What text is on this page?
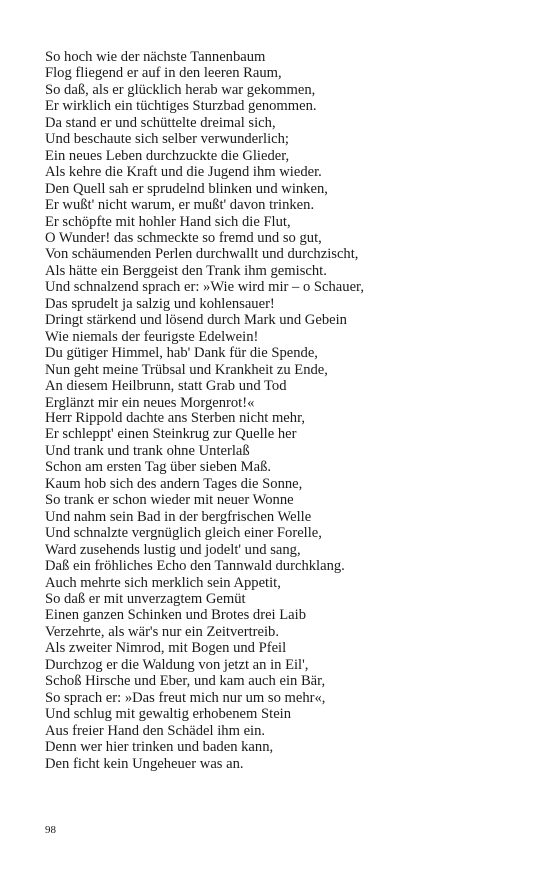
So hoch wie der nächste Tannenbaum
Flog fliegend er auf in den leeren Raum,
So daß, als er glücklich herab war gekommen,
Er wirklich ein tüchtiges Sturzbad genommen.
Da stand er und schüttelte dreimal sich,
Und beschaute sich selber verwunderlich;
Ein neues Leben durchzuckte die Glieder,
Als kehre die Kraft und die Jugend ihm wieder.
Den Quell sah er sprudelnd blinken und winken,
Er wußt' nicht warum, er mußt' davon trinken.
Er schöpfte mit hohler Hand sich die Flut,
O Wunder! das schmeckte so fremd und so gut,
Von schäumenden Perlen durchwallt und durchzischt,
Als hätte ein Berggeist den Trank ihm gemischt.
Und schnalzend sprach er: »Wie wird mir – o Schauer,
Das sprudelt ja salzig und kohlensauer!
Dringt stärkend und lösend durch Mark und Gebein
Wie niemals der feurigste Edelwein!
Du gütiger Himmel, hab' Dank für die Spende,
Nun geht meine Trübsal und Krankheit zu Ende,
An diesem Heilbrunn, statt Grab und Tod
Erglänzt mir ein neues Morgenrot!«
Herr Rippold dachte ans Sterben nicht mehr,
Er schleppt' einen Steinkrug zur Quelle her
Und trank und trank ohne Unterlaß
Schon am ersten Tag über sieben Maß.
Kaum hob sich des andern Tages die Sonne,
So trank er schon wieder mit neuer Wonne
Und nahm sein Bad in der bergfrischen Welle
Und schnalzte vergnüglich gleich einer Forelle,
Ward zusehends lustig und jodelt' und sang,
Daß ein fröhliches Echo den Tannwald durchklang.
Auch mehrte sich merklich sein Appetit,
So daß er mit unverzagtem Gemüt
Einen ganzen Schinken und Brotes drei Laib
Verzehrte, als wär's nur ein Zeitvertreib.
Als zweiter Nimrod, mit Bogen und Pfeil
Durchzog er die Waldung von jetzt an in Eil',
Schoß Hirsche und Eber, und kam auch ein Bär,
So sprach er: »Das freut mich nur um so mehr«,
Und schlug mit gewaltig erhobenem Stein
Aus freier Hand den Schädel ihm ein.
Denn wer hier trinken und baden kann,
Den ficht kein Ungeheuer was an.
98
